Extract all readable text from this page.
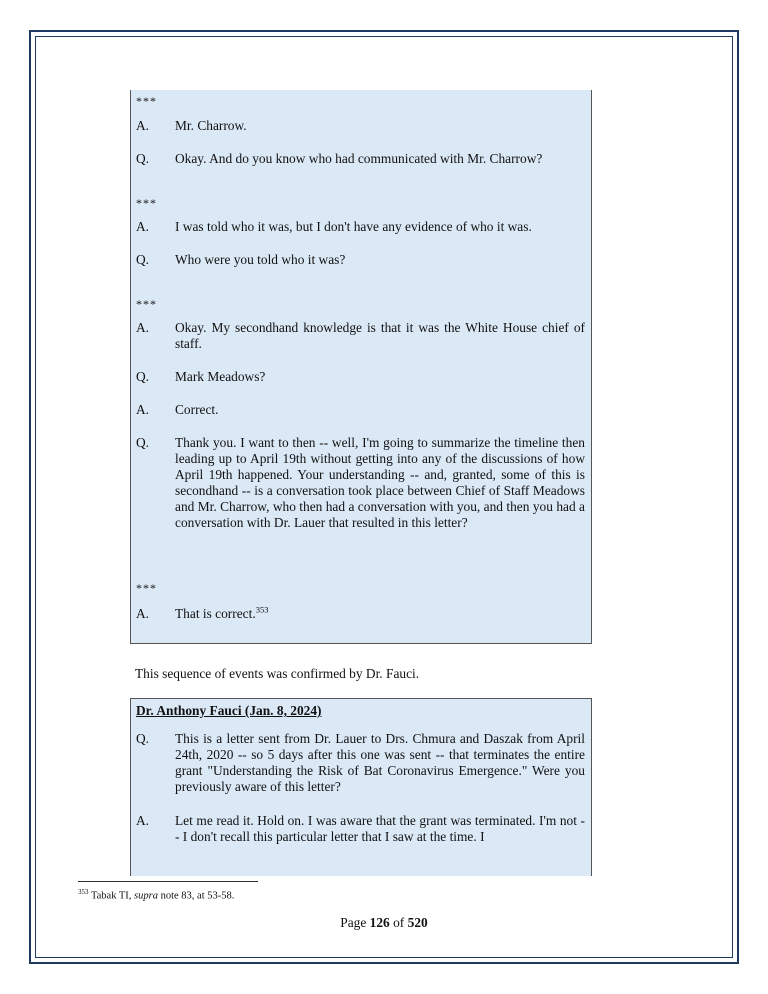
***
A. Mr. Charrow.
Q. Okay. And do you know who had communicated with Mr. Charrow?
***
A. I was told who it was, but I don't have any evidence of who it was.
Q. Who were you told who it was?
***
A. Okay. My secondhand knowledge is that it was the White House chief of staff.
Q. Mark Meadows?
A. Correct.
Q. Thank you. I want to then -- well, I'm going to summarize the timeline then leading up to April 19th without getting into any of the discussions of how April 19th happened. Your understanding -- and, granted, some of this is secondhand -- is a conversation took place between Chief of Staff Meadows and Mr. Charrow, who then had a conversation with you, and then you had a conversation with Dr. Lauer that resulted in this letter?
***
A. That is correct.$^{353}$
This sequence of events was confirmed by Dr. Fauci.
Dr. Anthony Fauci (Jan. 8, 2024)
Q. This is a letter sent from Dr. Lauer to Drs. Chmura and Daszak from April 24th, 2020 -- so 5 days after this one was sent -- that terminates the entire grant "Understanding the Risk of Bat Coronavirus Emergence." Were you previously aware of this letter?
A. Let me read it. Hold on. I was aware that the grant was terminated. I'm not -- I don't recall this particular letter that I saw at the time. I
$^{353}$ Tabak TI, supra note 83, at 53-58.
Page 126 of 520
